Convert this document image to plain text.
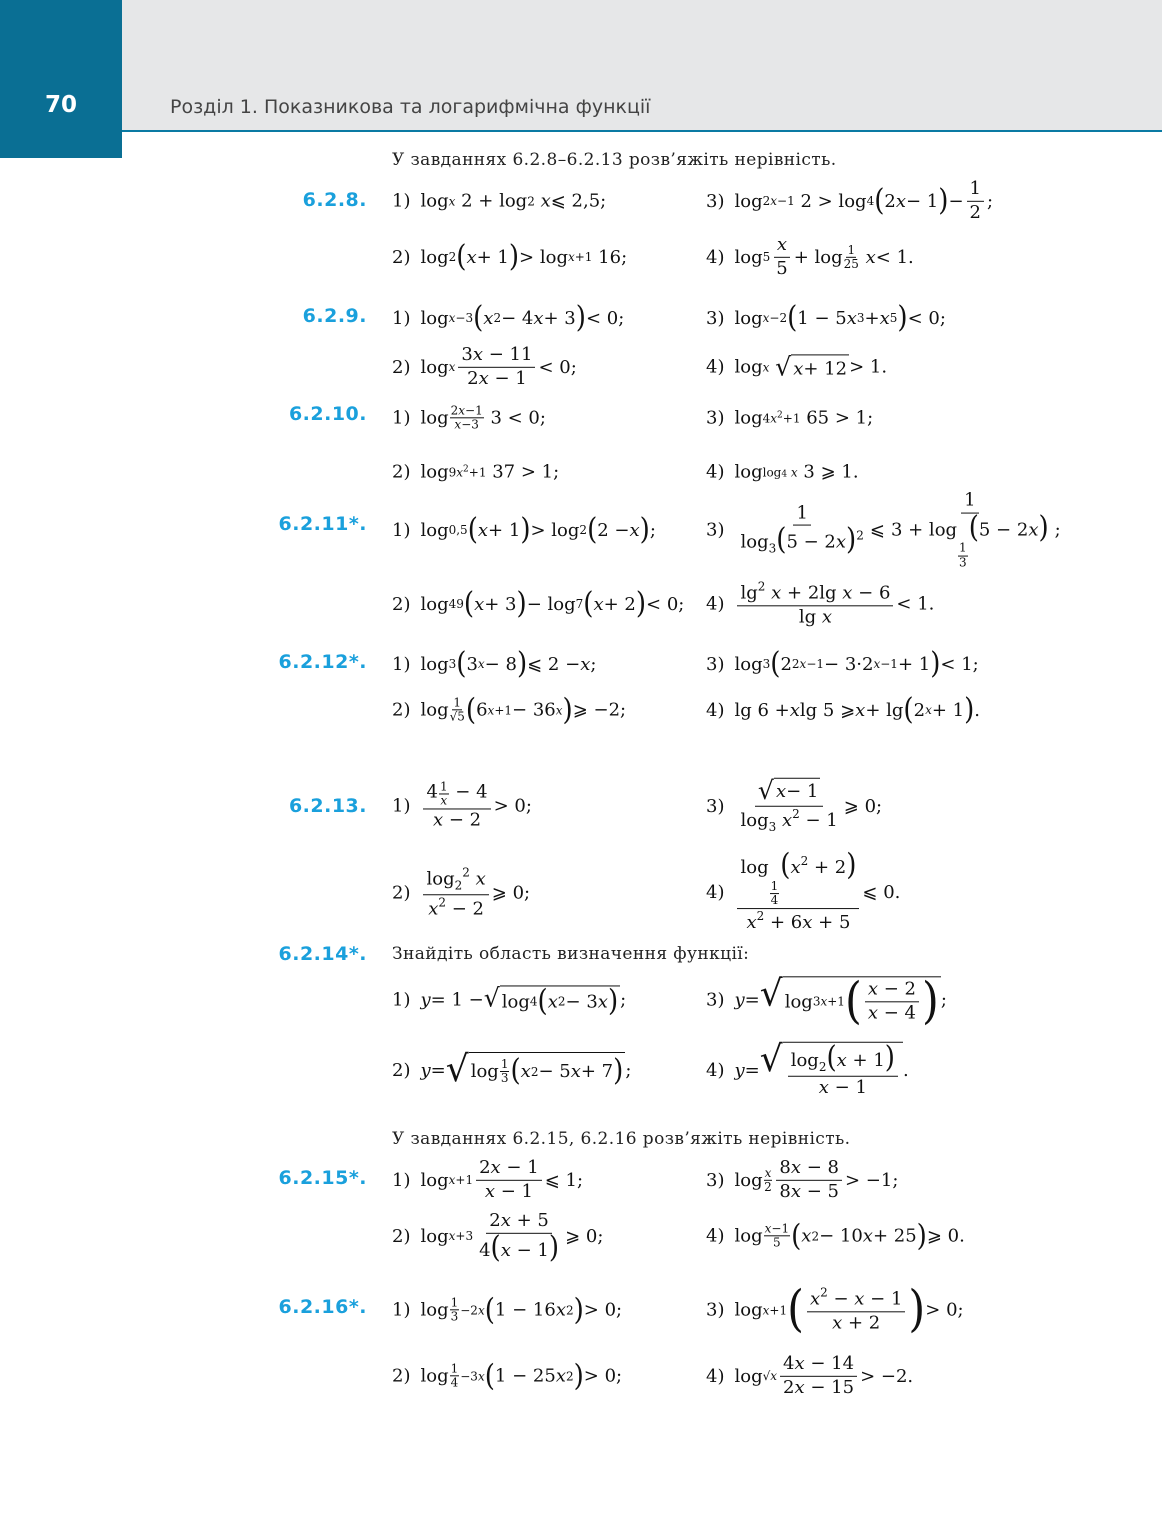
70	Розділ 1. Показникова та логарифмічна функції
У завданнях 6.2.8–6.2.13 розв’яжіть нерівність.
6.2.8. 1) log x 2 + log 2
x ⩽ 2,5;	3) log 2x−1 2 > log 4 ( 2 x − 1 ) − $\frac{1}{2}$ ;
2) log 2 ( x + 1 ) > log x+1 16;	4) $\log 5 \frac{x}{5} + \log 1$
25
x < 1.
6.2.9. 1) log x−3 ( x 2 − 4 x + 3 ) < 0;	3) log x−2 ( 1 − 5 x 3 + x 5 ) < 0;
2) log x $\frac{3x - 11}{2x - 1} < 0$;	4) log x
√ x + 12 > 1.
6.2.10. 1) log 2x−1
x−3 3 < 0;	3) $\log 4x^2+1$ 65 > 1;
2) $\log 9x^2+1$ 37 > 1;	4) log log4 x 3 ⩾ 1.
6.2.11*. 1) log 0,5 ( x + 1 ) > log 2 ( 2 − x ) ;	$3) \frac{1}{\log_3(5 - 2x)^2}$ ⩽ 1
3 + log
$\frac{1}{3}$
(5 − 2x) ;
2) log 49 ( x + 3 ) − log 7 ( x + 2 ) < 0; $4) \frac{\lg^2 x + 2\lg x - 6}{\text{lg x}} < 1$.
6.2.12*. 1) log 3 ( 3 x − 8 ) ⩽ 2 − x ;	3) log 3 ( 2 2x−1 − 3·2 x−1 + 1 ) < 1;
2) log 1
√5 ( 6 x+1 − 36 x ) ⩾ −2;	4) lg 6 + x lg 5 ⩾ x + lg ( 2 x + 1 ) .
6.2.13. $1) \frac{4 \frac{1}{x} - 4}{x - 2} > 0$;	$3) \frac{√ x - 1}{\log_3 x^2 - 1}$ ⩾ 0;
$2) \frac{\log_2^2 x}{x^2 - 2}$ ⩾ 0;	4) log
$\frac{1}{4}$
$(x^2 + 2)$
$x^2 + 6x + 5$ ⩽ 0.
6.2.14*. Знайдіть область визначення функції:
1) y = 1 − √ log 4 ( x 2 − 3 x ) ;	3) y = √ log 3x+1 ( $\frac{x - 2}{x - 4}$ ) ;
2) y = √ log 1
3 ( x 2 − 5 x + 7 ) ;	4) y = √ $\frac{\log_2(x + 1)}{x - 1}$ .
У завданнях 6.2.15, 6.2.16 розв’яжіть нерівність.
6.2.15*. 1) $\log x+1 \frac{2x - 1}{x - 1}$ ⩽ 1;	3) log x
$2 \frac{8x - 8}{8x - 5} > -1$;
2) $\log x+3 \frac{2x + 5}{4(x - 1)}$ ⩾ 0;	4) log x−1
5 ( x 2 − 10 x + 25 ) ⩾ 0.
6.2.16*. 1) log 1
3 −2x ( 1 − 16 x 2 ) > 0;	3) log x+1 ( $\frac{x^2 - x - 1}{x + 2}$ ) > 0;
2) log 1
4 −3x ( 1 − 25 x 2 ) > 0;	4) $\log √x \frac{4x - 14}{2x - 15} > -2$.
